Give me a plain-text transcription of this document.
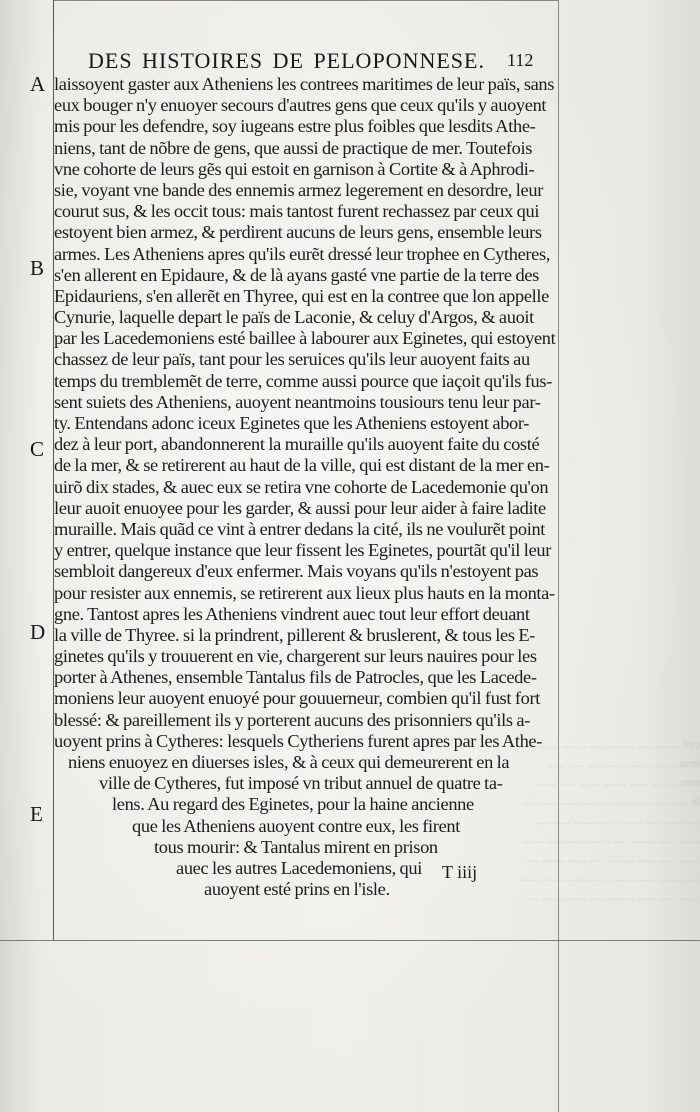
ceil ........ ..... ...... ........ . ...... ....... .....
tenu ....... ........ ........ .... ..... ......
mes ......... ...... ........ ....... ..... .......
le ...... .... ...... ........ ....... ....... ...... ....
..... ....... .... ....... ...... ........ ...... .....
....... ...... ........ ..... ........ ....... .... .......
....... ...... ...... ......... ..... ...... ........ ....
..... ........ ....... ...... ........ ....... ...... ......
....... ...... ...... ......... ..... ...... ........ ....
DES HISTOIRES DE PELOPONNESE. 112
A
B
C
D
E
laissoyent gaster aux Atheniens les contrees maritimes de leur païs, sans
eux bouger n'y enuoyer secours d'autres gens que ceux qu'ils y auoyent
mis pour les defendre, soy iugeans estre plus foibles que lesdits Athe-
niens, tant de nõbre de gens, que aussi de practique de mer. Toutefois
vne cohorte de leurs gẽs qui estoit en garnison à Cortite & à Aphrodi-
sie, voyant vne bande des ennemis armez legerement en desordre, leur
courut sus, & les occit tous: mais tantost furent rechassez par ceux qui
estoyent bien armez, & perdirent aucuns de leurs gens, ensemble leurs
armes. Les Atheniens apres qu'ils eurẽt dressé leur trophee en Cytheres,
s'en allerent en Epidaure, & de là ayans gasté vne partie de la terre des
Epidauriens, s'en allerẽt en Thyree, qui est en la contree que lon appelle
Cynurie, laquelle depart le païs de Laconie, & celuy d'Argos, & auoit
par les Lacedemoniens esté baillee à labourer aux Eginetes, qui estoyent
chassez de leur païs, tant pour les seruices qu'ils leur auoyent faits au
temps du tremblemẽt de terre, comme aussi pource que iaçoit qu'ils fus-
sent suiets des Atheniens, auoyent neantmoins tousiours tenu leur par-
ty. Entendans adonc iceux Eginetes que les Atheniens estoyent abor-
dez à leur port, abandonnerent la muraille qu'ils auoyent faite du costé
de la mer, & se retirerent au haut de la ville, qui est distant de la mer en-
uirõ dix stades, & auec eux se retira vne cohorte de Lacedemonie qu'on
leur auoit enuoyee pour les garder, & aussi pour leur aider à faire ladite
muraille. Mais quãd ce vint à entrer dedans la cité, ils ne voulurẽt point
y entrer, quelque instance que leur fissent les Eginetes, pourtãt qu'il leur
sembloit dangereux d'eux enfermer. Mais voyans qu'ils n'estoyent pas
pour resister aux ennemis, se retirerent aux lieux plus hauts en la monta-
gne. Tantost apres les Atheniens vindrent auec tout leur effort deuant
la ville de Thyree. si la prindrent, pillerent & bruslerent, & tous les E-
ginetes qu'ils y trouuerent en vie, chargerent sur leurs nauires pour les
porter à Athenes, ensemble Tantalus fils de Patrocles, que les Lacede-
moniens leur auoyent enuoyé pour gouuerneur, combien qu'il fust fort
blessé: & pareillement ils y porterent aucuns des prisonniers qu'ils a-
uoyent prins à Cytheres: lesquels Cytheriens furent apres par les Athe-
niens enuoyez en diuerses isles, & à ceux qui demeurerent en la
ville de Cytheres, fut imposé vn tribut annuel de quatre ta-
lens. Au regard des Eginetes, pour la haine ancienne
que les Atheniens auoyent contre eux, les firent
tous mourir: & Tantalus mirent en prison
auec les autres Lacedemoniens, qui
auoyent esté prins en l'isle.
T iiij
